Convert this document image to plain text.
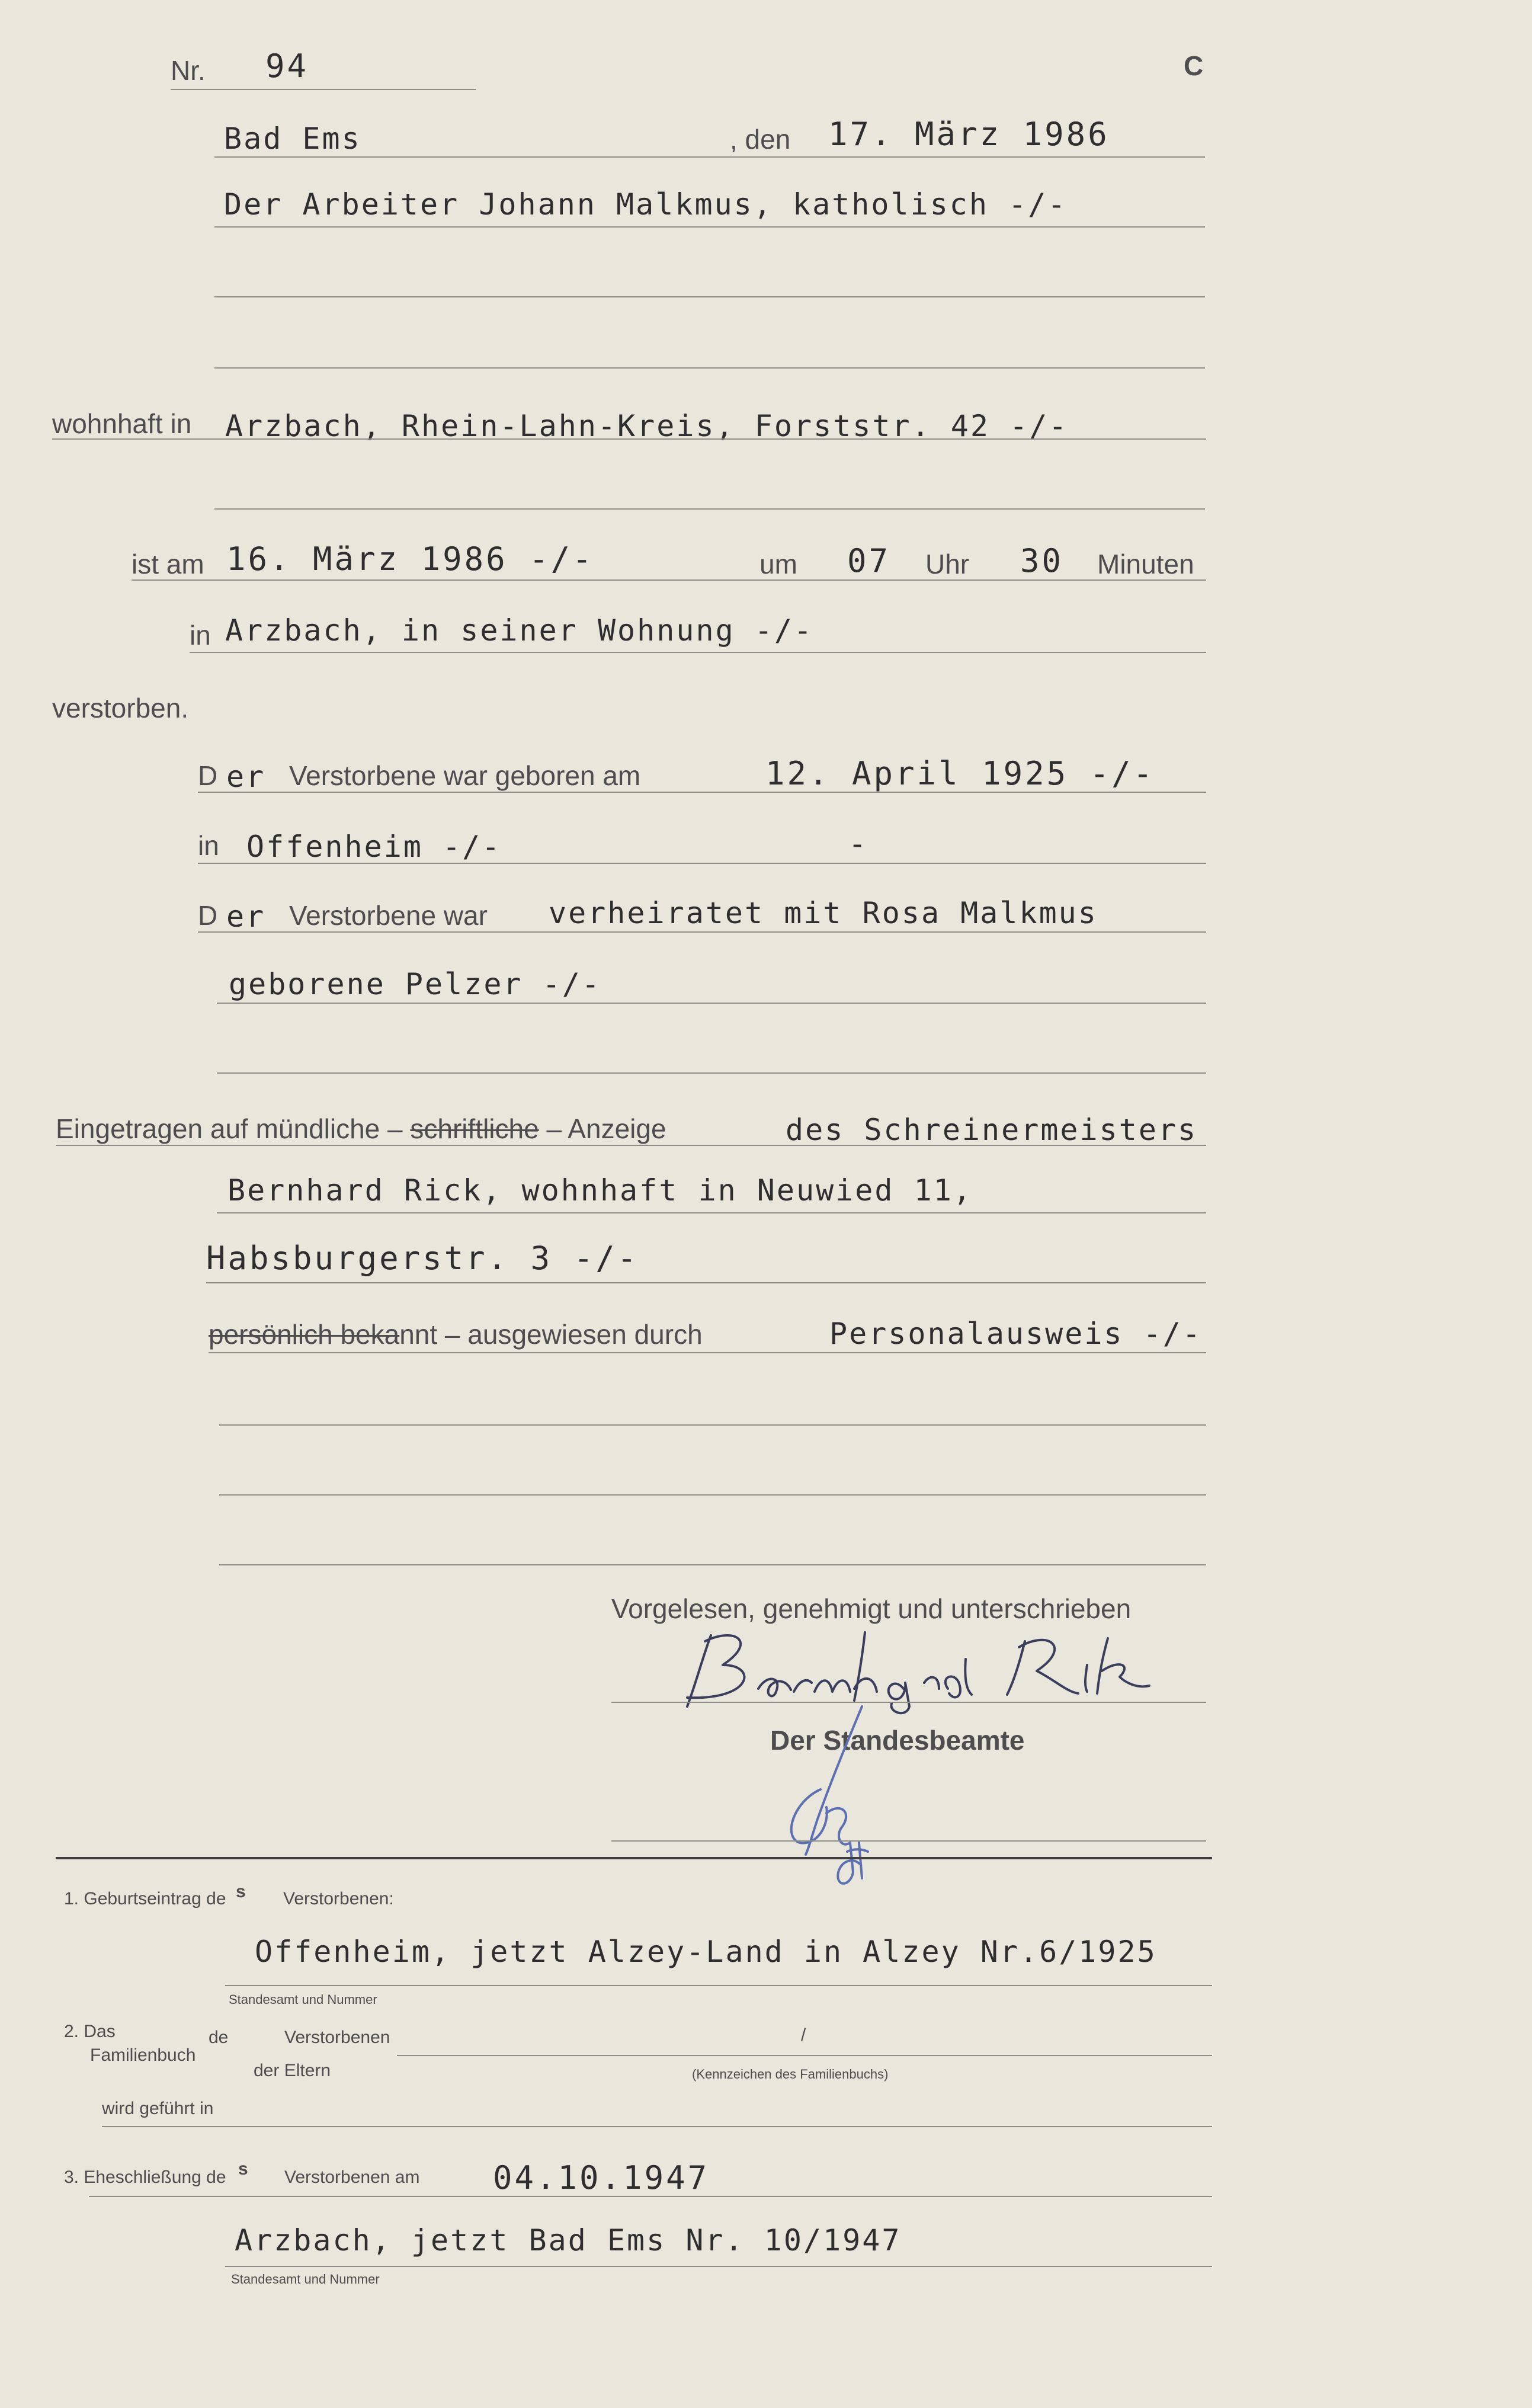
Nr. 94	C
Bad Ems	, den 17. März 1986
Der Arbeiter Johann Malkmus, katholisch -/-
wohnhaft in Arzbach, Rhein-Lahn-Kreis, Forststr. 42 -/-
ist am 16. März 1986 -/-	um 07 Uhr 30 Minuten
in Arzbach, in seiner Wohnung -/-
verstorben.
D er Verstorbene war geboren am	12. April 1925 -/-
in Offenheim -/-	-
D er Verstorbene war verheiratet mit Rosa Malkmus
geborene Pelzer -/-
Eingetragen auf mündliche – schriftliche – Anzeige	des Schreinermeisters
Bernhard Rick, wohnhaft in Neuwied 11,
Habsburgerstr. 3 -/-
persönlich bekannt – ausgewiesen durch	Personalausweis -/-
Vorgelesen, genehmigt und unterschrieben
Der Standesbeamte
1. Geburtseintrag de s Verstorbenen:
Offenheim, jetzt Alzey-Land in Alzey Nr.6/1925
Standesamt und Nummer
2. Das
Familienbuch
de	Verstorbenen	/
der Eltern	(Kennzeichen des Familienbuchs)
wird geführt in
3. Eheschließung de s Verstorbenen am 04.10.1947
Arzbach, jetzt Bad Ems Nr. 10/1947
Standesamt und Nummer
